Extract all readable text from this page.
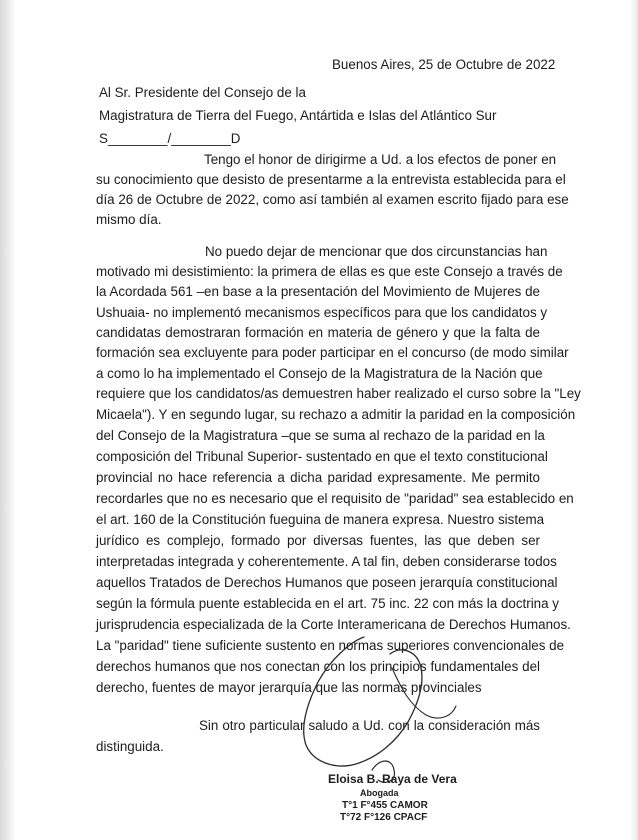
Buenos Aires, 25 de Octubre de 2022
Al Sr. Presidente del Consejo de la
Magistratura de Tierra del Fuego, Antártida e Islas del Atlántico Sur
S________/________D
Tengo el honor de dirigirme a Ud. a los efectos de poner en
su conocimiento que desisto de presentarme a la entrevista establecida para el
día 26 de Octubre de 2022, como así también al examen escrito fijado para ese
mismo día.
No puedo dejar de mencionar que dos circunstancias han
motivado mi desistimiento: la primera de ellas es que este Consejo a través de
la Acordada 561 –en base a la presentación del Movimiento de Mujeres de
Ushuaia- no implementó mecanismos específicos para que los candidatos y
candidatas demostraran formación en materia de género y que la falta de
formación sea excluyente para poder participar en el concurso (de modo similar
a como lo ha implementado el Consejo de la Magistratura de la Nación que
requiere que los candidatos/as demuestren haber realizado el curso sobre la "Ley
Micaela"). Y en segundo lugar, su rechazo a admitir la paridad en la composición
del Consejo de la Magistratura –que se suma al rechazo de la paridad en la
composición del Tribunal Superior- sustentado en que el texto constitucional
provincial no hace referencia a dicha paridad expresamente. Me permito
recordarles que no es necesario que el requisito de "paridad" sea establecido en
el art. 160 de la Constitución fueguina de manera expresa. Nuestro sistema
jurídico es complejo, formado por diversas fuentes, las que deben ser
interpretadas integrada y coherentemente. A tal fin, deben considerarse todos
aquellos Tratados de Derechos Humanos que poseen jerarquía constitucional
según la fórmula puente establecida en el art. 75 inc. 22 con más la doctrina y
jurisprudencia especializada de la Corte Interamericana de Derechos Humanos.
La "paridad" tiene suficiente sustento en normas superiores convencionales de
derechos humanos que nos conectan con los principios fundamentales del
derecho, fuentes de mayor jerarquía que las normas provinciales
Sin otro particular saludo a Ud. con la consideración más
distinguida.
Eloisa B. Raya de Vera
Abogada
T°1 F°455 CAMOR
T°72 F°126 CPACF
